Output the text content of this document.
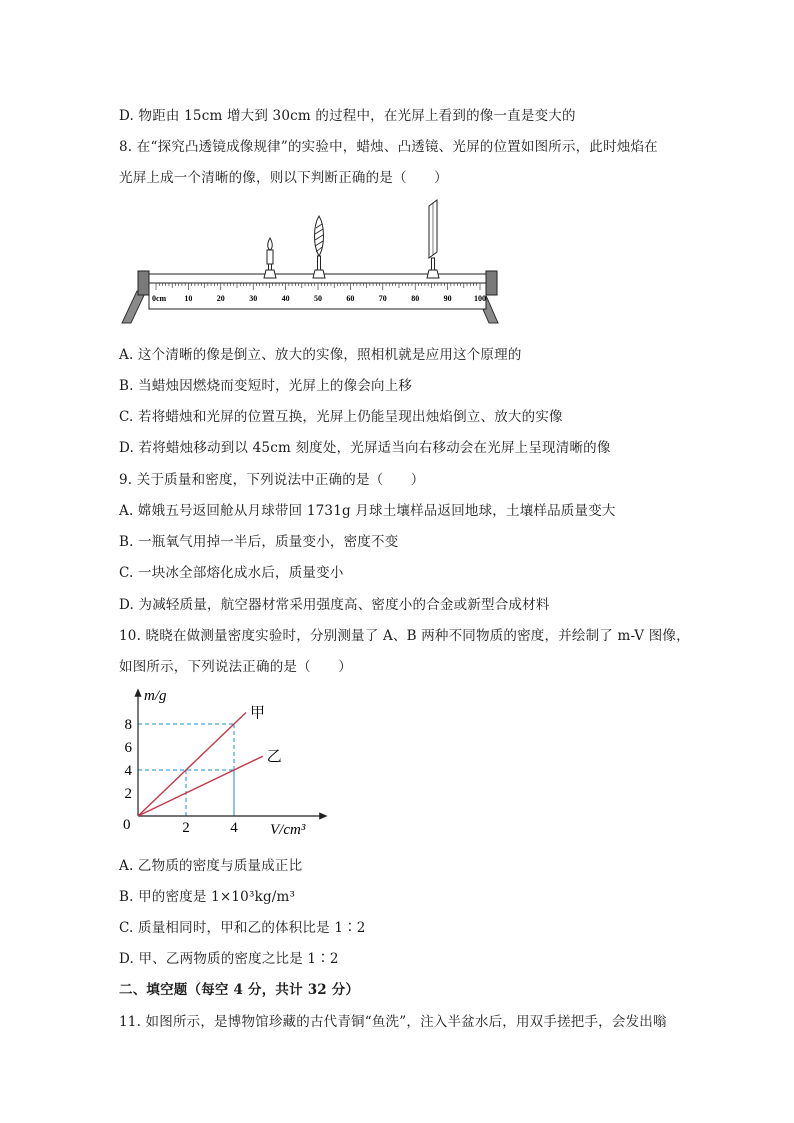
D. 物距由 15cm 增大到 30cm 的过程中，在光屏上看到的像一直是变大的
8. 在“探究凸透镜成像规律”的实验中，蜡烛、凸透镜、光屏的位置如图所示，此时烛焰在
光屏上成一个清晰的像，则以下判断正确的是（　　）
0cm 10	20	30	40	50	60	70	80	90	100
A. 这个清晰的像是倒立、放大的实像，照相机就是应用这个原理的
B. 当蜡烛因燃烧而变短时，光屏上的像会向上移
C. 若将蜡烛和光屏的位置互换，光屏上仍能呈现出烛焰倒立、放大的实像
D. 若将蜡烛移动到以 45cm 刻度处，光屏适当向右移动会在光屏上呈现清晰的像
9. 关于质量和密度，下列说法中正确的是（　　）
A. 嫦娥五号返回舱从月球带回 1731g 月球土壤样品返回地球，土壤样品质量变大
B. 一瓶氧气用掉一半后，质量变小，密度不变
C. 一块冰全部熔化成水后，质量变小
D. 为减轻质量，航空器材常采用强度高、密度小的合金或新型合成材料
10. 晓晓在做测量密度实验时，分别测量了 A、B 两种不同物质的密度，并绘制了 m-V 图像，
如图所示，下列说法正确的是（　　）
甲
乙
2
4
6
8
2	4
m/g
V/cm³
0
A. 乙物质的密度与质量成正比
B. 甲的密度是 1×10³kg/m³
C. 质量相同时，甲和乙的体积比是 1∶2
D. 甲、乙两物质的密度之比是 1∶2
二、填空题（每空 4 分，共计 32 分）
11. 如图所示，是博物馆珍藏的古代青铜“鱼洗”，注入半盆水后，用双手搓把手，会发出嗡
